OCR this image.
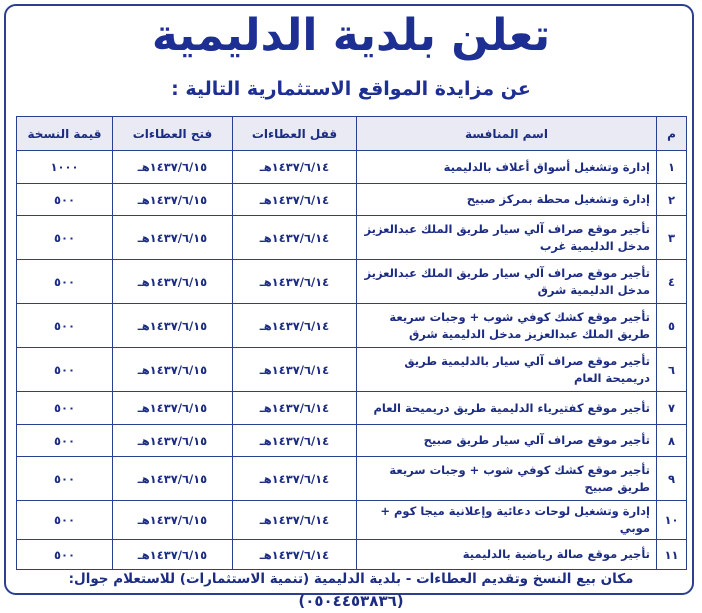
تعلن بلدية الدليمية
عن مزايدة المواقع الاستثمارية التالية :
م	اسم المنافسة	قفل العطاءات	فتح العطاءات	قيمة النسخة
١	إدارة وتشغيل أسواق أعلاف بالدليمية	١٤٣٧/٦/١٤هـ	١٤٣٧/٦/١٥هـ	١٠٠٠
٢	إدارة وتشغيل محطة بمركز صبيح	١٤٣٧/٦/١٤هـ	١٤٣٧/٦/١٥هـ	٥٠٠
٣	تأجير موقع صراف آلي سيار طريق الملك عبدالعزيز مدخل الدليمية غرب	١٤٣٧/٦/١٤هـ	١٤٣٧/٦/١٥هـ	٥٠٠
٤	تأجير موقع صراف آلي سيار طريق الملك عبدالعزيز مدخل الدليمية شرق	١٤٣٧/٦/١٤هـ	١٤٣٧/٦/١٥هـ	٥٠٠
٥	تأجير موقع كشك كوفي شوب + وجبات سريعة طريق الملك عبدالعزيز مدخل الدليمية شرق	١٤٣٧/٦/١٤هـ	١٤٣٧/٦/١٥هـ	٥٠٠
٦	تأجير موقع صراف آلي سيار بالدليمية طريق دريميحة العام	١٤٣٧/٦/١٤هـ	١٤٣٧/٦/١٥هـ	٥٠٠
٧	تأجير موقع كفتيرياء الدليمية طريق دريميحة العام	١٤٣٧/٦/١٤هـ	١٤٣٧/٦/١٥هـ	٥٠٠
٨	تأجير موقع صراف آلي سيار طريق صبيح	١٤٣٧/٦/١٤هـ	١٤٣٧/٦/١٥هـ	٥٠٠
٩	تأجير موقع كشك كوفي شوب + وجبات سريعة طريق صبيح	١٤٣٧/٦/١٤هـ	١٤٣٧/٦/١٥هـ	٥٠٠
١٠	إدارة وتشغيل لوحات دعائية وإعلانية ميجا كوم + موبي	١٤٣٧/٦/١٤هـ	١٤٣٧/٦/١٥هـ	٥٠٠
١١	تأجير موقع صالة رياضية بالدليمية	١٤٣٧/٦/١٤هـ	١٤٣٧/٦/١٥هـ	٥٠٠
مكان بيع النسخ وتقديم العطاءات - بلدية الدليمية (تنمية الاستثمارات) للاستعلام جوال: (٠٥٠٤٤٥٣٨٣٦)
